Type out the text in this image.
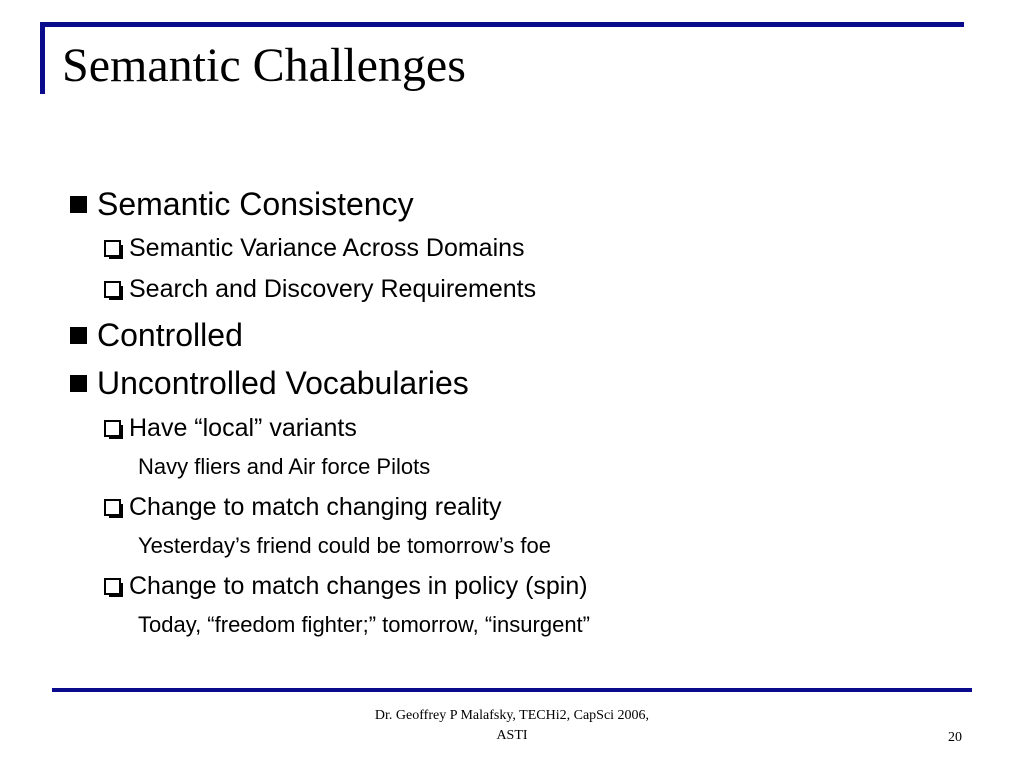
Semantic Challenges
Semantic Consistency
Semantic Variance Across Domains
Search and Discovery Requirements
Controlled
Uncontrolled Vocabularies
Have “local” variants
Navy fliers and Air force Pilots
Change to match changing reality
Yesterday’s friend could be tomorrow’s foe
Change to match changes in policy (spin)
Today, “freedom fighter;” tomorrow, “insurgent”
Dr. Geoffrey P Malafsky, TECHi2, CapSci 2006,
ASTI	20
